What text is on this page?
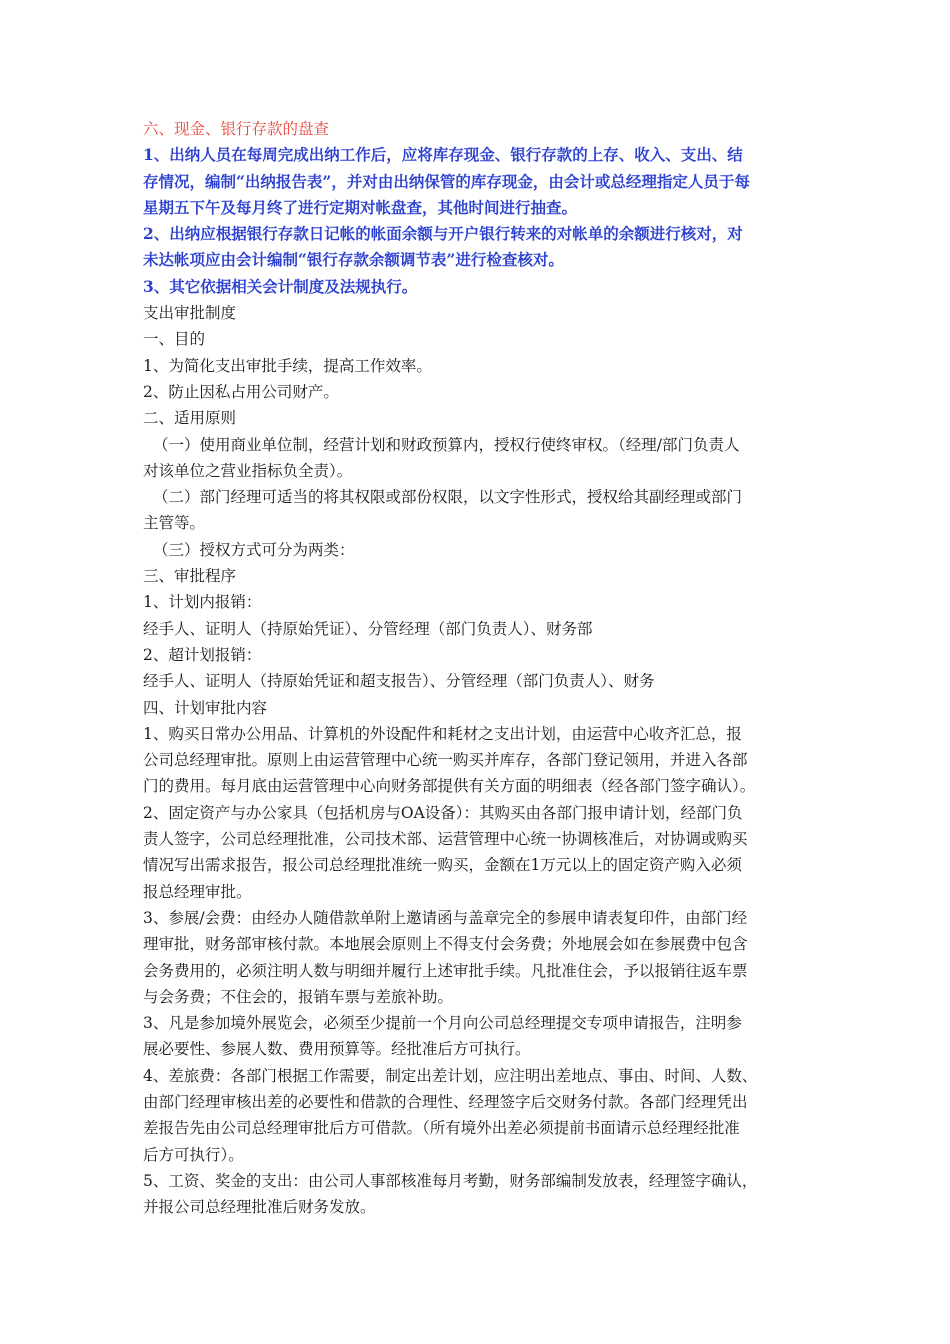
六、现金、银行存款的盘查

1、出纳人员在每周完成出纳工作后，应将库存现金、银行存款的上存、收入、支出、结

存情况，编制“出纳报告表”，并对由出纳保管的库存现金，由会计或总经理指定人员于每

星期五下午及每月终了进行定期对帐盘查，其他时间进行抽查。

2、出纳应根据银行存款日记帐的帐面余额与开户银行转来的对帐单的余额进行核对，对

未达帐项应由会计编制“银行存款余额调节表”进行检查核对。

3、其它依据相关会计制度及法规执行。

支出审批制度

一、目的

1、为简化支出审批手续，提高工作效率。

2、防止因私占用公司财产。

二、适用原则

（一）使用商业单位制，经营计划和财政预算内，授权行使终审权。（经理/部门负责人

对该单位之营业指标负全责）。

（二）部门经理可适当的将其权限或部份权限，以文字性形式，授权给其副经理或部门

主管等。

（三）授权方式可分为两类：

三、审批程序

1、计划内报销：

经手人、证明人（持原始凭证）、分管经理（部门负责人）、财务部

2、超计划报销：

经手人、证明人（持原始凭证和超支报告）、分管经理（部门负责人）、财务

四、计划审批内容

1、购买日常办公用品、计算机的外设配件和耗材之支出计划，由运营中心收齐汇总，报

公司总经理审批。原则上由运营管理中心统一购买并库存，各部门登记领用，并进入各部

门的费用。每月底由运营管理中心向财务部提供有关方面的明细表（经各部门签字确认）。

2、固定资产与办公家具（包括机房与OA设备）：其购买由各部门报申请计划，经部门负

责人签字，公司总经理批准，公司技术部、运营管理中心统一协调核准后，对协调或购买

情况写出需求报告，报公司总经理批准统一购买，金额在1万元以上的固定资产购入必须

报总经理审批。

3、参展/会费：由经办人随借款单附上邀请函与盖章完全的参展申请表复印件，由部门经

理审批，财务部审核付款。本地展会原则上不得支付会务费；外地展会如在参展费中包含

会务费用的，必须注明人数与明细并履行上述审批手续。凡批准住会，予以报销往返车票

与会务费；不住会的，报销车票与差旅补助。

3、凡是参加境外展览会，必须至少提前一个月向公司总经理提交专项申请报告，注明参

展必要性、参展人数、费用预算等。经批准后方可执行。

4、差旅费：各部门根据工作需要，制定出差计划，应注明出差地点、事由、时间、人数、

由部门经理审核出差的必要性和借款的合理性、经理签字后交财务付款。各部门经理凭出

差报告先由公司总经理审批后方可借款。（所有境外出差必须提前书面请示总经理经批准

后方可执行）。

5、工资、奖金的支出：由公司人事部核准每月考勤，财务部编制发放表，经理签字确认，

并报公司总经理批准后财务发放。
